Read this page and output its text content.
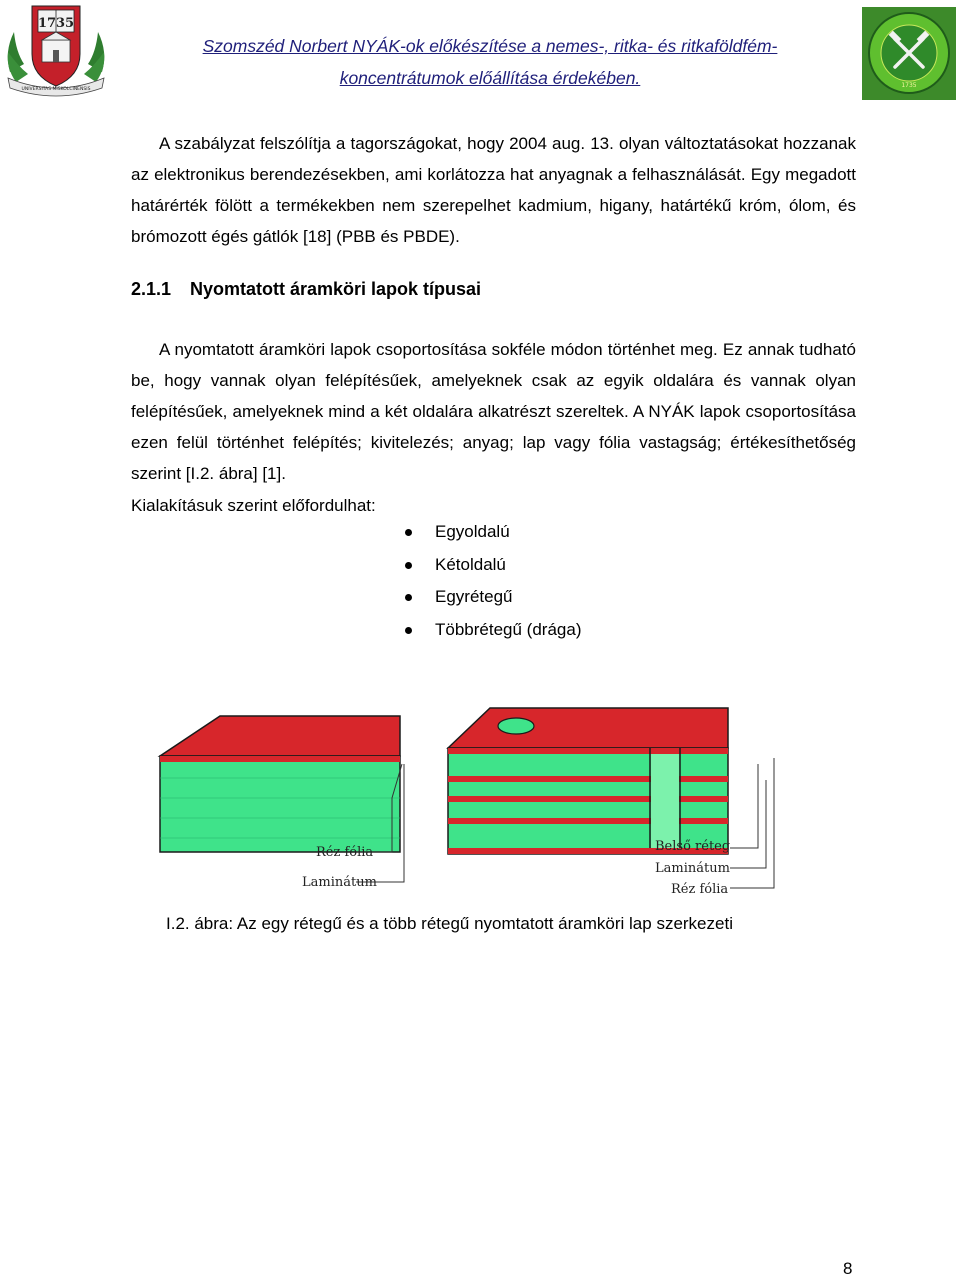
17 35
UNIVERSITAS MISKOLCINENSIS
Szomszéd Norbert NYÁK-ok előkészítése a nemes-, ritka- és ritkaföldfém-
koncentrátumok előállítása érdekében.	1735

A szabályzat felszólítja a tagországokat, hogy 2004 aug. 13. olyan változtatásokat hozzanak az elektronikus berendezésekben, ami korlátozza hat anyagnak a felhasználását. Egy megadott határérték fölött a termékekben nem szerepelhet kadmium, higany, határtékű króm, ólom, és brómozott égés gátlók [18] (PBB és PBDE).

2.1.1 Nyomtatott áramköri lapok típusai

A nyomtatott áramköri lapok csoportosítása sokféle módon történhet meg. Ez annak tudható be, hogy vannak olyan felépítésűek, amelyeknek csak az egyik oldalára és vannak olyan felépítésűek, amelyeknek mind a két oldalára alkatrészt szereltek. A NYÁK lapok csoportosítása ezen felül történhet felépítés; kivitelezés; anyag; lap vagy fólia vastagság; értékesíthetőség szerint [I.2. ábra] [1].

Kialakításuk szerint előfordulhat:

Egyoldalú
Kétoldalú
Egyrétegű
Többrétegű (drága)
Réz fólia
Laminátum
Belső réteg
Laminátum
Réz fólia
I.2. ábra: Az egy rétegű és a több rétegű nyomtatott áramköri lap szerkezeti
8
